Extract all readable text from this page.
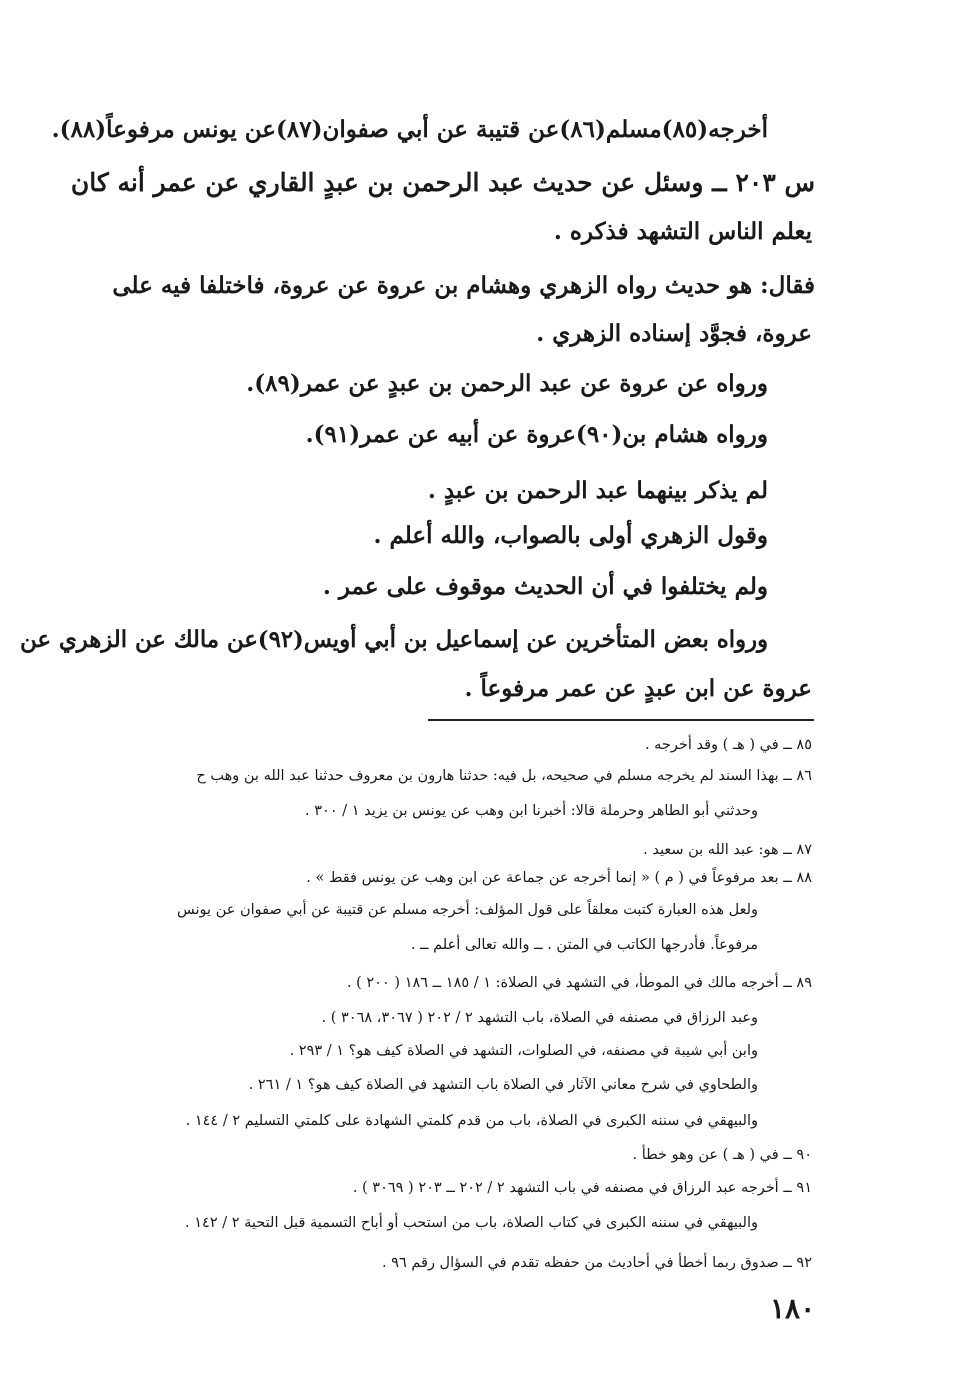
أخرجه(٨٥)مسلم(٨٦)عن قتيبة عن أبي صفوان(٨٧)عن يونس مرفوعاً(٨٨).
س ٢٠٣ ــ وسئل عن حديث عبد الرحمن بن عبدٍ القاري عن عمر أنه كان
يعلم الناس التشهد فذكره .
فقال: هو حديث رواه الزهري وهشام بن عروة عن عروة، فاختلفا فيه على
عروة، فجوَّد إسناده الزهري .
ورواه عن عروة عن عبد الرحمن بن عبدٍ عن عمر(٨٩).
ورواه هشام بن(٩٠)عروة عن أبيه عن عمر(٩١).
لم يذكر بينهما عبد الرحمن بن عبدٍ .
وقول الزهري أولى بالصواب، والله أعلم .
ولم يختلفوا في أن الحديث موقوف على عمر .
ورواه بعض المتأخرين عن إسماعيل بن أبي أويس(٩٢)عن مالك عن الزهري عن
عروة عن ابن عبدٍ عن عمر مرفوعاً .
٨٥ ــ في ( هـ ) وقد أخرجه .
٨٦ ــ بهذا السند لم يخرجه مسلم في صحيحه، بل فيه: حدثنا هارون بن معروف حدثنا عبد الله بن وهب ح
وحدثني أبو الطاهر وحرملة قالا: أخبرنا ابن وهب عن يونس بن يزيد ١ / ٣٠٠ .
٨٧ ــ هو: عبد الله بن سعيد .
٨٨ ــ بعد مرفوعاً في ( م ) « إنما أخرجه عن جماعة عن ابن وهب عن يونس فقط » .
ولعل هذه العبارة كتبت معلقاً على قول المؤلف: أخرجه مسلم عن قتيبة عن أبي صفوان عن يونس
مرفوعاً. فأدرجها الكاتب في المتن . ــ والله تعالى أعلم ــ .
٨٩ ــ أخرجه مالك في الموطأ، في التشهد في الصلاة: ١ / ١٨٥ ــ ١٨٦ ( ٢٠٠ ) .
وعبد الرزاق في مصنفه في الصلاة، باب التشهد ٢ / ٢٠٢ ( ٣٠٦٧، ٣٠٦٨ ) .
وابن أبي شيبة في مصنفه، في الصلوات، التشهد في الصلاة كيف هو؟ ١ / ٢٩٣ .
والطحاوي في شرح معاني الآثار في الصلاة باب التشهد في الصلاة كيف هو؟ ١ / ٢٦١ .
والبيهقي في سننه الكبرى في الصلاة، باب من قدم كلمتي الشهادة على كلمتي التسليم ٢ / ١٤٤ .
٩٠ ــ في ( هـ ) عن وهو خطأ .
٩١ ــ أخرجه عبد الرزاق في مصنفه في باب التشهد ٢ / ٢٠٢ ــ ٢٠٣ ( ٣٠٦٩ ) .
والبيهقي في سننه الكبرى في كتاب الصلاة، باب من استحب أو أباح التسمية قبل التحية ٢ / ١٤٢ .
٩٢ ــ صدوق ربما أخطأ في أحاديث من حفظه تقدم في السؤال رقم ٩٦ .
١٨٠
